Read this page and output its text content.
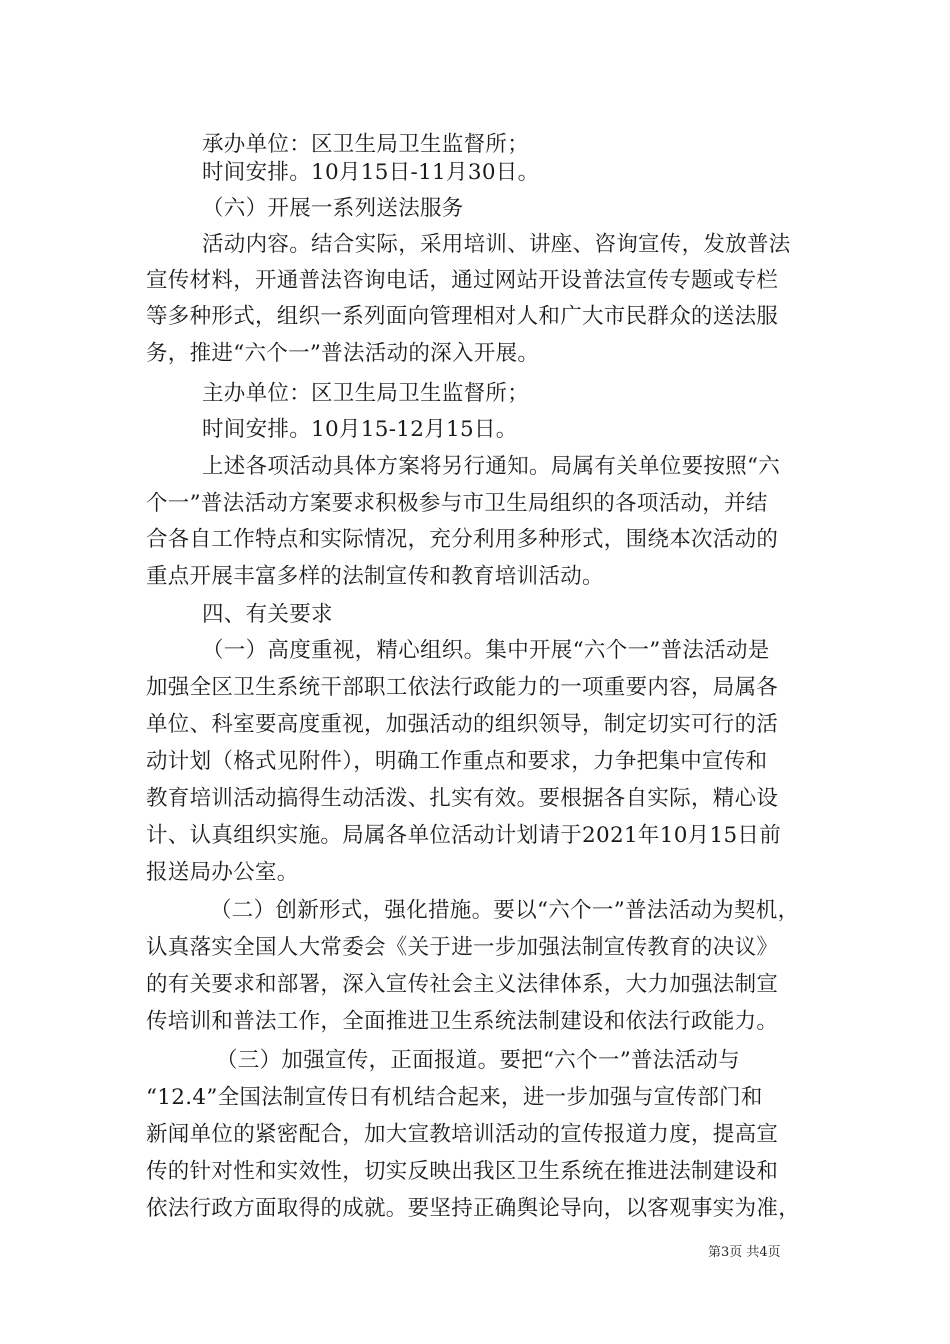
承办单位：区卫生局卫生监督所；
时间安排。10月15日-11月30日。
（六）开展一系列送法服务
活动内容。结合实际，采用培训、讲座、咨询宣传，发放普法
宣传材料，开通普法咨询电话，通过网站开设普法宣传专题或专栏
等多种形式，组织一系列面向管理相对人和广大市民群众的送法服
务，推进“六个一”普法活动的深入开展。
主办单位：区卫生局卫生监督所；
时间安排。10月15-12月15日。
上述各项活动具体方案将另行通知。局属有关单位要按照“六
个一”普法活动方案要求积极参与市卫生局组织的各项活动，并结
合各自工作特点和实际情况，充分利用多种形式，围绕本次活动的
重点开展丰富多样的法制宣传和教育培训活动。
四、有关要求
（一）高度重视，精心组织。集中开展“六个一”普法活动是
加强全区卫生系统干部职工依法行政能力的一项重要内容，局属各
单位、科室要高度重视，加强活动的组织领导，制定切实可行的活
动计划（格式见附件），明确工作重点和要求，力争把集中宣传和
教育培训活动搞得生动活泼、扎实有效。要根据各自实际，精心设
计、认真组织实施。局属各单位活动计划请于2021年10月15日前
报送局办公室。
（二）创新形式，强化措施。要以“六个一”普法活动为契机，
认真落实全国人大常委会《关于进一步加强法制宣传教育的决议》
的有关要求和部署，深入宣传社会主义法律体系，大力加强法制宣
传培训和普法工作，全面推进卫生系统法制建设和依法行政能力。
（三）加强宣传，正面报道。要把“六个一”普法活动与
“12.4”全国法制宣传日有机结合起来，进一步加强与宣传部门和
新闻单位的紧密配合，加大宣教培训活动的宣传报道力度，提高宣
传的针对性和实效性，切实反映出我区卫生系统在推进法制建设和
依法行政方面取得的成就。要坚持正确舆论导向，以客观事实为准，
第3页 共4页
